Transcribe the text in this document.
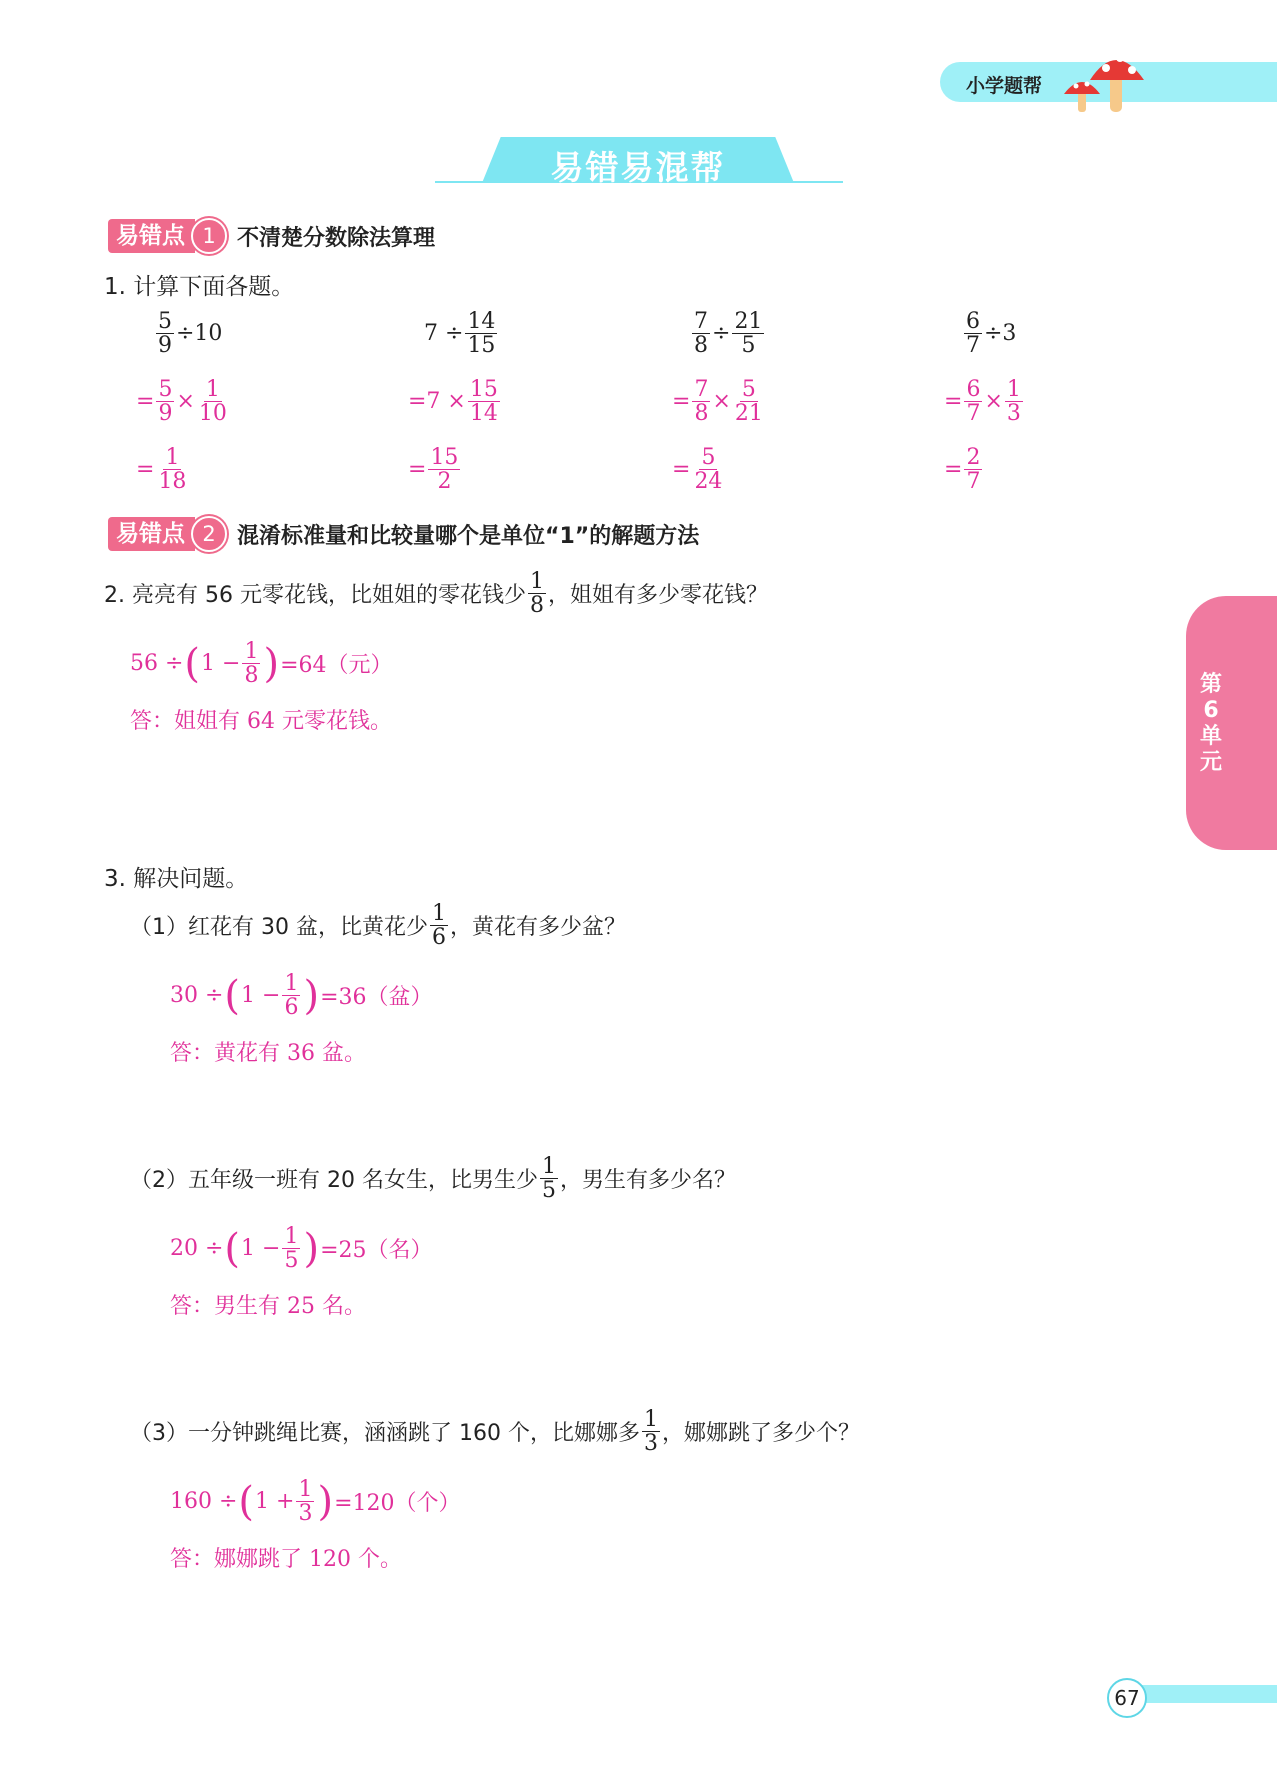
小学题帮
易错易混帮
第6单元
易错点 1 不清楚分数除法算理
1. 计算下面各题。
$\frac{5}{9} \div 10$
= $\frac{5}{9} \times \frac{1}{10}$
= $\frac{1}{18}$
$7 \div \frac{14}{15}$
$=7 \times \frac{15}{14}$
= $\frac{15}{2}$
$\frac{7}{8} \div \frac{21}{5}$
= $\frac{7}{8} \times \frac{5}{21}$
= $\frac{5}{24}$
$\frac{6}{7} \div 3$
= $\frac{6}{7} \times \frac{1}{3}$
= $\frac{2}{7}$
易错点 2 混淆标准量和比较量哪个是单位“1”的解题方法
2. 亮亮有 56 元零花钱，比姐姐的零花钱少 $\frac{1}{8}$ ，姐姐有多少零花钱？
56 ÷ ( $1 - \frac{1}{8}$ ) =64（元）
答：姐姐有 64 元零花钱。
3. 解决问题。
（1）红花有 30 盆，比黄花少 $\frac{1}{6}$ ，黄花有多少盆？
30 ÷ ( $1 - \frac{1}{6}$ ) =36（盆）
答：黄花有 36 盆。
（2）五年级一班有 20 名女生，比男生少 $\frac{1}{5}$ ，男生有多少名？
20 ÷ ( $1 - \frac{1}{5}$ ) =25（名）
答：男生有 25 名。
（3）一分钟跳绳比赛，涵涵跳了 160 个，比娜娜多 $\frac{1}{3}$ ，娜娜跳了多少个？
160 ÷ ( $1 + \frac{1}{3}$ ) =120（个）
答：娜娜跳了 120 个。
67
